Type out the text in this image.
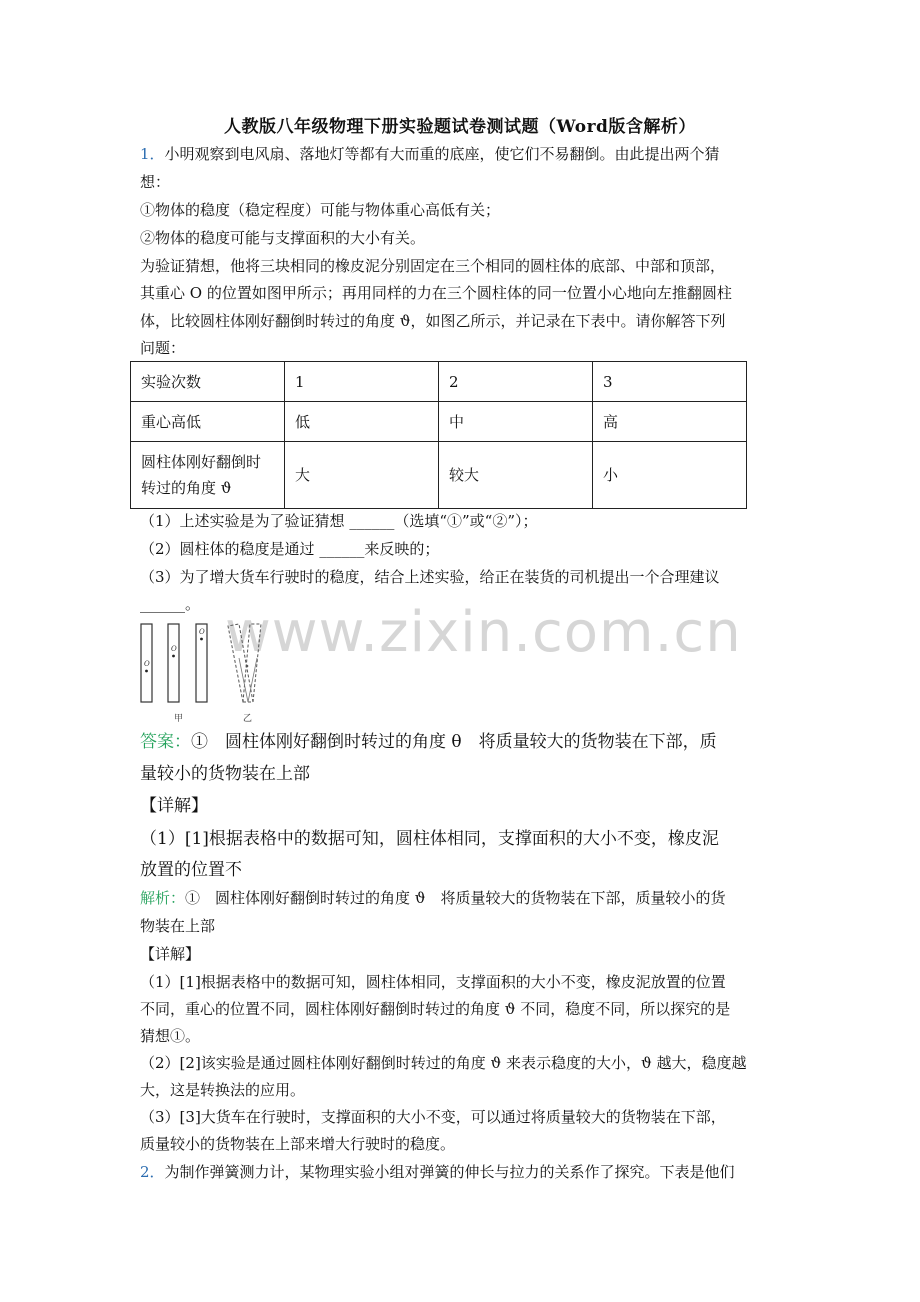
人教版八年级物理下册实验题试卷测试题（Word版含解析）
1．小明观察到电风扇、落地灯等都有大而重的底座，使它们不易翻倒。由此提出两个猜
想：
①物体的稳度（稳定程度）可能与物体重心高低有关；
②物体的稳度可能与支撑面积的大小有关。
为验证猜想，他将三块相同的橡皮泥分别固定在三个相同的圆柱体的底部、中部和顶部，
其重心 O 的位置如图甲所示；再用同样的力在三个圆柱体的同一位置小心地向左推翻圆柱
体，比较圆柱体刚好翻倒时转过的角度 ϑ，如图乙所示，并记录在下表中。请你解答下列
问题：
实验次数	1	2	3
重心高低	低	中	高

圆柱体刚好翻倒时
转过的角度 ϑ	大	较大	小
（1）上述实验是为了验证猜想 ______（选填“①”或“②”）；
（2）圆柱体的稳度是通过 ______来反映的；
（3）为了增大货车行驶时的稳度，结合上述实验，给正在装货的司机提出一个合理建议
______。 www.zixin.com.cn
O
O
O
甲	乙
答案：①　圆柱体刚好翻倒时转过的角度 θ　将质量较大的货物装在下部，质
量较小的货物装在上部
【详解】
（1）[1]根据表格中的数据可知，圆柱体相同，支撑面积的大小不变，橡皮泥
放置的位置不
解析：①　圆柱体刚好翻倒时转过的角度 ϑ　将质量较大的货物装在下部，质量较小的货
物装在上部
【详解】
（1）[1]根据表格中的数据可知，圆柱体相同，支撑面积的大小不变，橡皮泥放置的位置
不同，重心的位置不同，圆柱体刚好翻倒时转过的角度 ϑ 不同，稳度不同，所以探究的是
猜想①。
（2）[2]该实验是通过圆柱体刚好翻倒时转过的角度 ϑ 来表示稳度的大小，ϑ 越大，稳度越
大，这是转换法的应用。
（3）[3]大货车在行驶时，支撑面积的大小不变，可以通过将质量较大的货物装在下部，
质量较小的货物装在上部来增大行驶时的稳度。
2．为制作弹簧测力计，某物理实验小组对弹簧的伸长与拉力的关系作了探究。下表是他们
